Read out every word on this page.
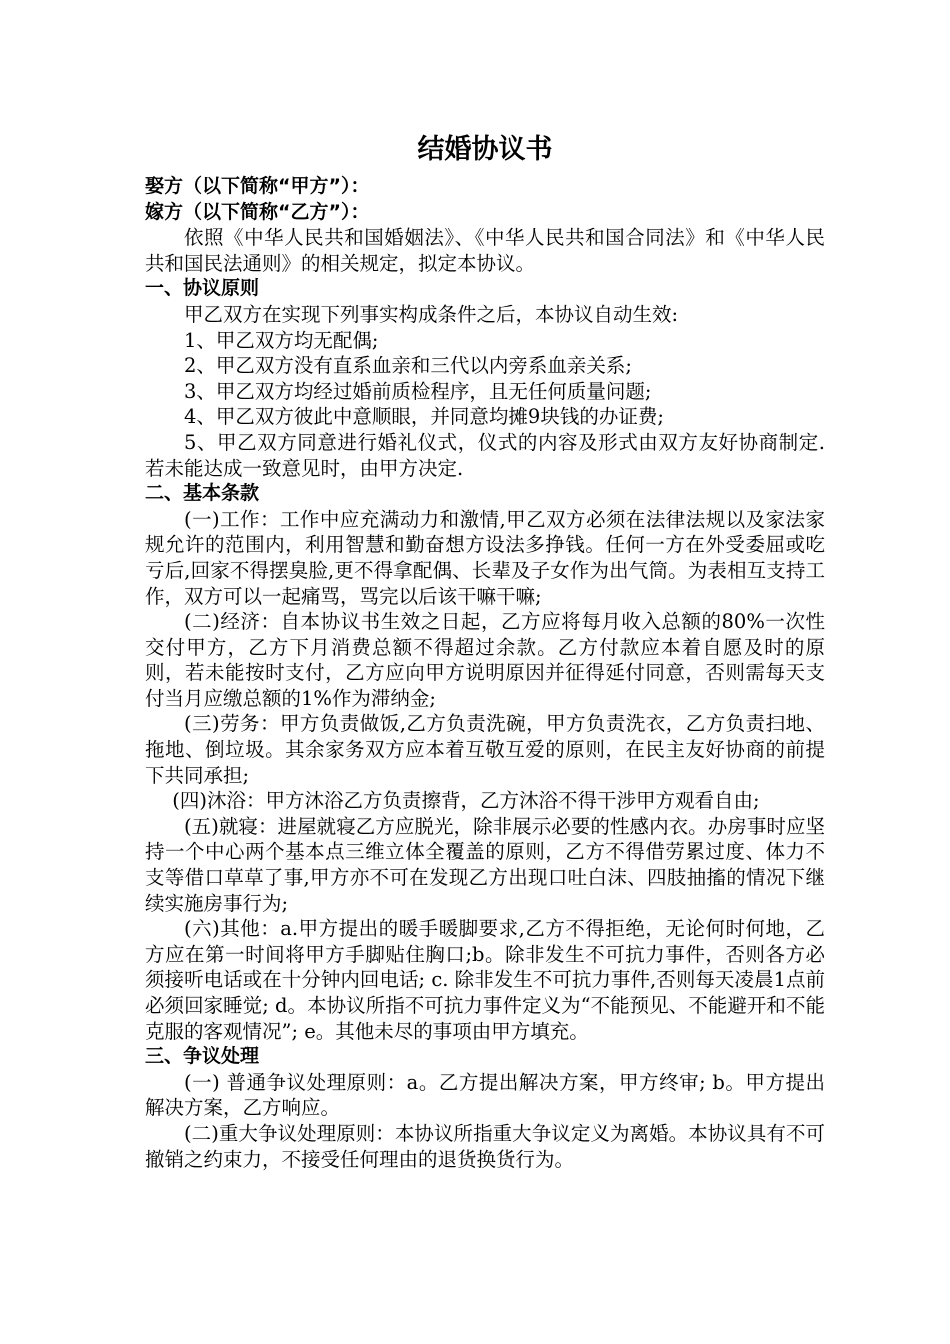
结婚协议书
娶方（以下简称“甲方”）：
嫁方（以下简称“乙方”）：
依照《中华人民共和国婚姻法》、《中华人民共和国合同法》和《中华人民共和国民法通则》的相关规定，拟定本协议。
一、协议原则
甲乙双方在实现下列事实构成条件之后，本协议自动生效:
1、甲乙双方均无配偶;
2、甲乙双方没有直系血亲和三代以内旁系血亲关系;
3、甲乙双方均经过婚前质检程序，且无任何质量问题;
4、甲乙双方彼此中意顺眼，并同意均摊9块钱的办证费;
5、甲乙双方同意进行婚礼仪式，仪式的内容及形式由双方友好协商制定.若未能达成一致意见时，由甲方决定.
二、基本条款
(一)工作：工作中应充满动力和激情,甲乙双方必须在法律法规以及家法家规允许的范围内，利用智慧和勤奋想方设法多挣钱。任何一方在外受委屈或吃亏后,回家不得摆臭脸,更不得拿配偶、长辈及子女作为出气筒。为表相互支持工作，双方可以一起痛骂，骂完以后该干嘛干嘛;
(二)经济：自本协议书生效之日起，乙方应将每月收入总额的80%一次性交付甲方，乙方下月消费总额不得超过余款。乙方付款应本着自愿及时的原则，若未能按时支付，乙方应向甲方说明原因并征得延付同意，否则需每天支付当月应缴总额的1%作为滞纳金;
(三)劳务：甲方负责做饭,乙方负责洗碗，甲方负责洗衣，乙方负责扫地、拖地、倒垃圾。其余家务双方应本着互敬互爱的原则，在民主友好协商的前提下共同承担;
(四)沐浴：甲方沐浴乙方负责擦背，乙方沐浴不得干涉甲方观看自由;
(五)就寝：进屋就寝乙方应脱光，除非展示必要的性感内衣。办房事时应坚持一个中心两个基本点三维立体全覆盖的原则，乙方不得借劳累过度、体力不支等借口草草了事,甲方亦不可在发现乙方出现口吐白沫、四肢抽搐的情况下继续实施房事行为;
(六)其他：a.甲方提出的暖手暖脚要求,乙方不得拒绝，无论何时何地，乙方应在第一时间将甲方手脚贴住胸口;b。除非发生不可抗力事件，否则各方必须接听电话或在十分钟内回电话; c. 除非发生不可抗力事件,否则每天凌晨1点前必须回家睡觉; d。本协议所指不可抗力事件定义为“不能预见、不能避开和不能克服的客观情况”; e。其他未尽的事项由甲方填充。
三、争议处理
(一) 普通争议处理原则：a。乙方提出解决方案，甲方终审; b。甲方提出解决方案，乙方响应。
(二)重大争议处理原则：本协议所指重大争议定义为离婚。本协议具有不可撤销之约束力，不接受任何理由的退货换货行为。
